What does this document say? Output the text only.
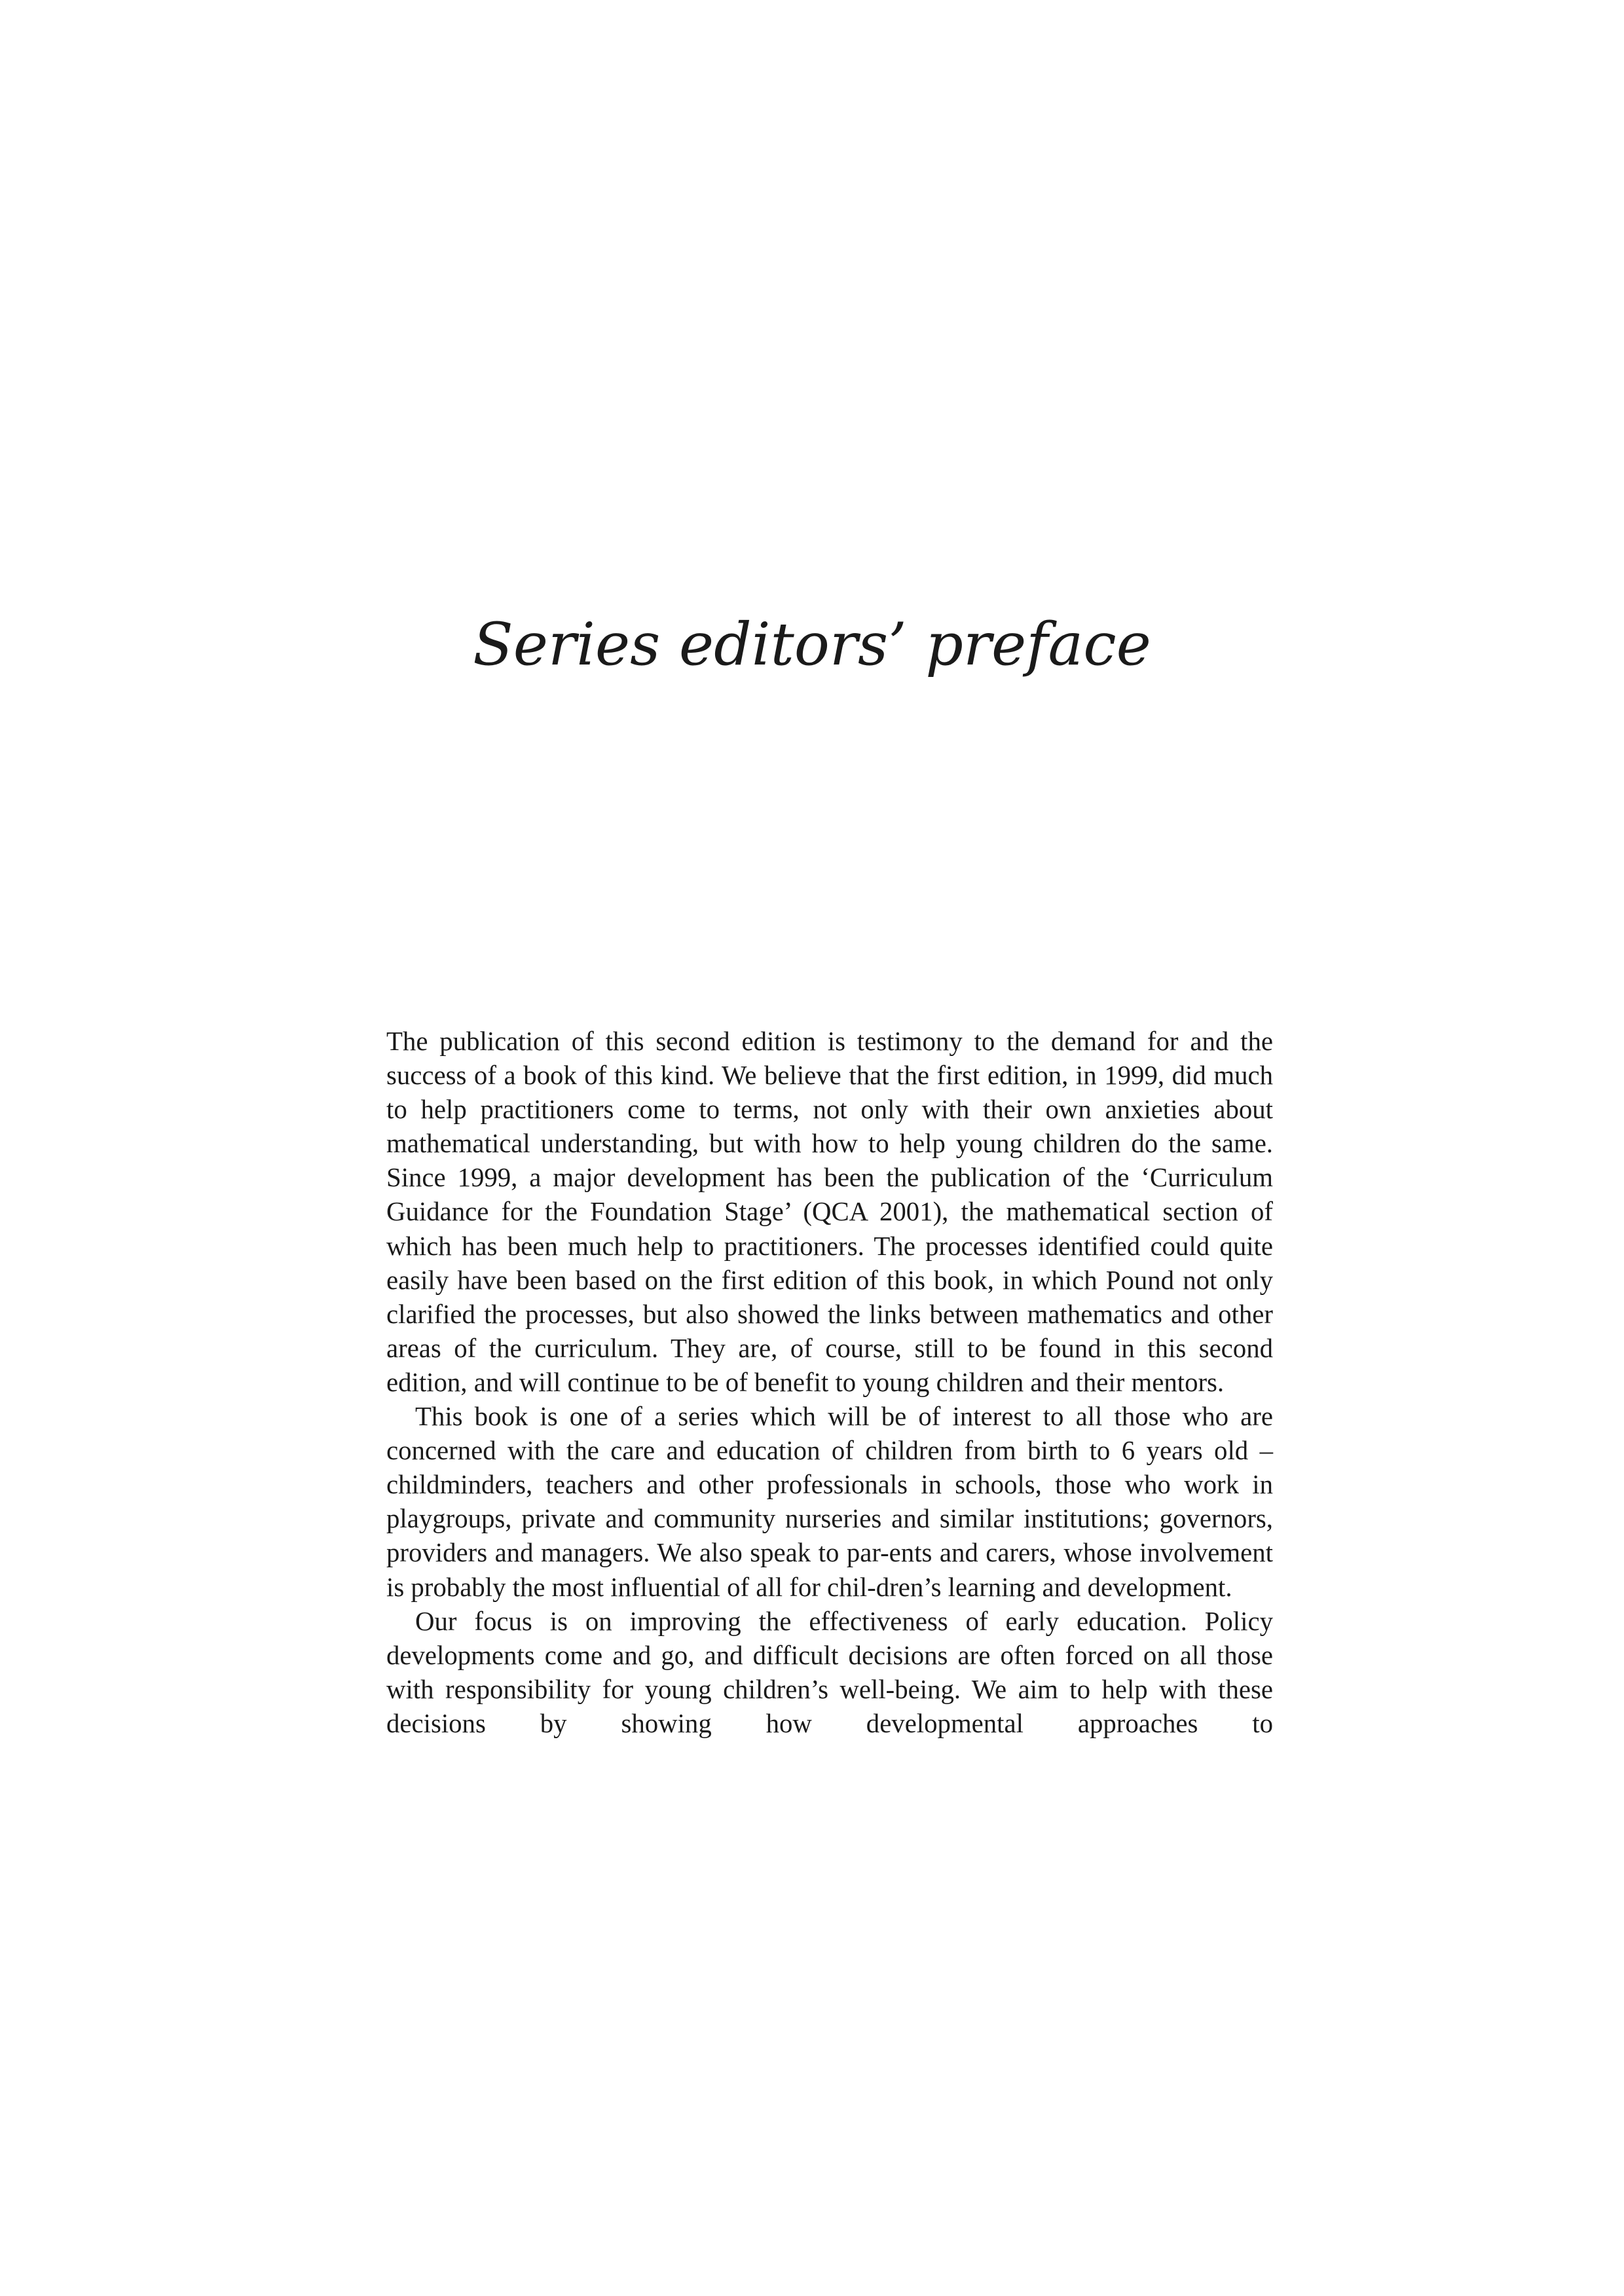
Series editors’ preface

The publication of this second edition is testimony to the demand for and the success of a book of this kind. We believe that the first edition, in 1999, did much to help practitioners come to terms, not only with their own anxieties about mathematical understanding, but with how to help young children do the same. Since 1999, a major development has been the publication of the ‘Curriculum Guidance for the Foundation Stage’ (QCA 2001), the mathematical section of which has been much help to practitioners. The processes identified could quite easily have been based on the first edition of this book, in which Pound not only clarified the processes, but also showed the links between mathematics and other areas of the curriculum. They are, of course, still to be found in this second edition, and will continue to be of benefit to young children and their mentors.

This book is one of a series which will be of interest to all those who are concerned with the care and education of children from birth to 6 years old – childminders, teachers and other professionals in schools, those who work in playgroups, private and community nurseries and similar institutions; governors, providers and managers. We also speak to par-ents and carers, whose involvement is probably the most influential of all for chil-dren’s learning and development.

Our focus is on improving the effectiveness of early education. Policy developments come and go, and difficult decisions are often forced on all those with responsibility for young children’s well-being. We aim to help with these decisions by showing how developmental approaches to
